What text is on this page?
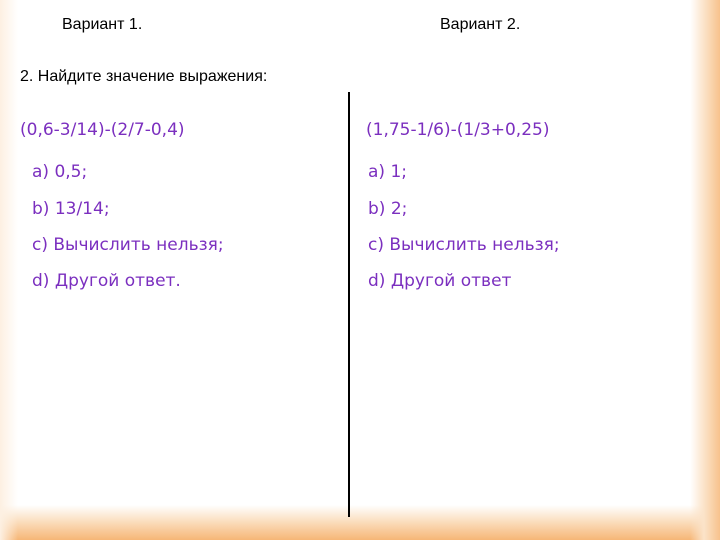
Вариант 1.	Вариант 2.
2. Найдите значение выражения:
(0,6-3/14)-(2/7-0,4)	(1,75-1/6)-(1/3+0,25)
a) 0,5;
b) 13/14;
c) Вычислить нельзя;
d) Другой ответ.
a) 1;
b) 2;
c) Вычислить нельзя;
d) Другой ответ
